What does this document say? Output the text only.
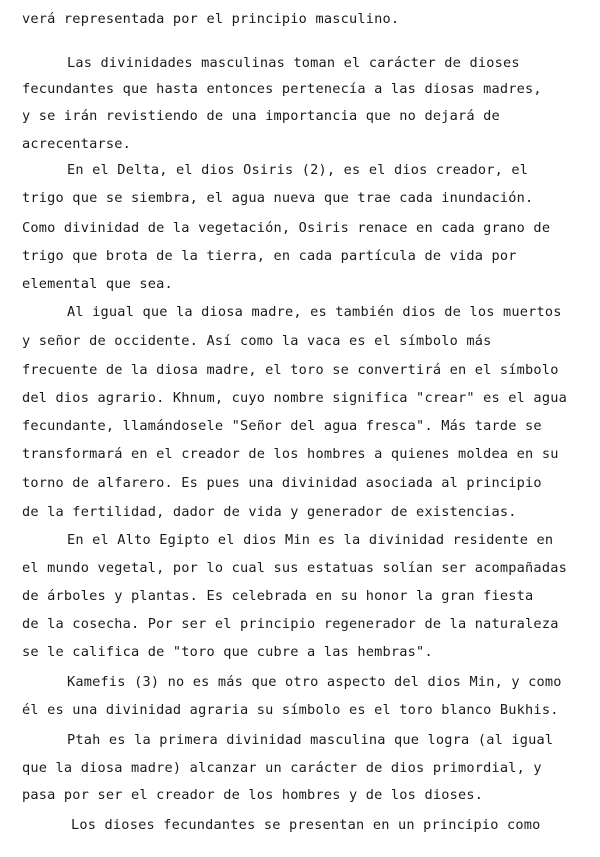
verá representada por el principio masculino.
Las divinidades masculinas toman el carácter de dioses
fecundantes que hasta entonces pertenecía a las diosas madres,
y se irán revistiendo de una importancia que no dejará de
acrecentarse.
En el Delta, el dios Osiris (2), es el dios creador, el
trigo que se siembra, el agua nueva que trae cada inundación.
Como divinidad de la vegetación, Osiris renace en cada grano de
trigo que brota de la tierra, en cada partícula de vida por
elemental que sea.
Al igual que la diosa madre, es también dios de los muertos
y señor de occidente. Así como la vaca es el símbolo más
frecuente de la diosa madre, el toro se convertirá en el símbolo
del dios agrario. Khnum, cuyo nombre significa "crear" es el agua
fecundante, llamándosele "Señor del agua fresca". Más tarde se
transformará en el creador de los hombres a quienes moldea en su
torno de alfarero. Es pues una divinidad asociada al principio
de la fertilidad, dador de vida y generador de existencias.
En el Alto Egipto el dios Min es la divinidad residente en
el mundo vegetal, por lo cual sus estatuas solían ser acompañadas
de árboles y plantas. Es celebrada en su honor la gran fiesta
de la cosecha. Por ser el principio regenerador de la naturaleza
se le califica de "toro que cubre a las hembras".
Kamefis (3) no es más que otro aspecto del dios Min, y como
él es una divinidad agraria su símbolo es el toro blanco Bukhis.
Ptah es la primera divinidad masculina que logra (al igual
que la diosa madre) alcanzar un carácter de dios primordial, y
pasa por ser el creador de los hombres y de los dioses.
Los dioses fecundantes se presentan en un principio como
